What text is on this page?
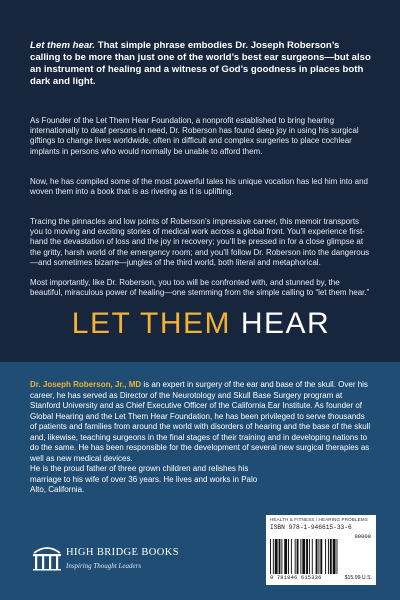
Let them hear. That simple phrase embodies Dr. Joseph Roberson’s calling to be more than just one of the world’s best ear surgeons—but also an instrument of healing and a witness of God’s goodness in places both dark and light.

As Founder of the Let Them Hear Foundation, a nonprofit established to bring hearing internationally to deaf persons in need, Dr. Roberson has found deep joy in using his surgical giftings to change lives worldwide, often in difficult and complex surgeries to place cochlear implants in persons who would normally be unable to afford them.

Now, he has compiled some of the most powerful tales his unique vocation has led him into and woven them into a book that is as riveting as it is uplifting.

Tracing the pinnacles and low points of Roberson’s impressive career, this memoir transports you to moving and exciting stories of medical work across a global front. You’ll experience first-hand the devastation of loss and the joy in recovery; you’ll be pressed in for a close glimpse at the gritty, harsh world of the emergency room; and you’ll follow Dr. Roberson into the dangerous—and sometimes bizarre—jungles of the third world, both literal and metaphorical.

Most importantly, like Dr. Roberson, you too will be confronted with, and stunned by, the beautiful, miraculous power of healing—one stemming from the simple calling to “let them hear.”

LET THEM HEAR
Dr. Joseph Roberson, Jr., MD is an expert in surgery of the ear and base of the skull. Over his career, he has served as Director of the Neurotology and Skull Base Surgery program at Stanford University and as Chief Executive Officer of the California Ear Institute. As founder of Global Hearing and the Let Them Hear Foundation, he has been privileged to serve thousands of patients and families from around the world with disorders of hearing and the base of the skull and, likewise, teaching surgeons in the final stages of their training and in developing nations to do the same. He has been responsible for the development of several new surgical therapies as well as new medical devices.
He is the proud father of three grown children and relishes his marriage to his wife of over 36 years. He lives and works in Palo Alto, California.
HIGH BRIDGE BOOKS
Inspiring Thought Leaders
HEALTH & FITNESS / HEARING PROBLEMS
ISBN 978-1-946615-33-6
90000
9 781946 615336	$15.99 U.S.
